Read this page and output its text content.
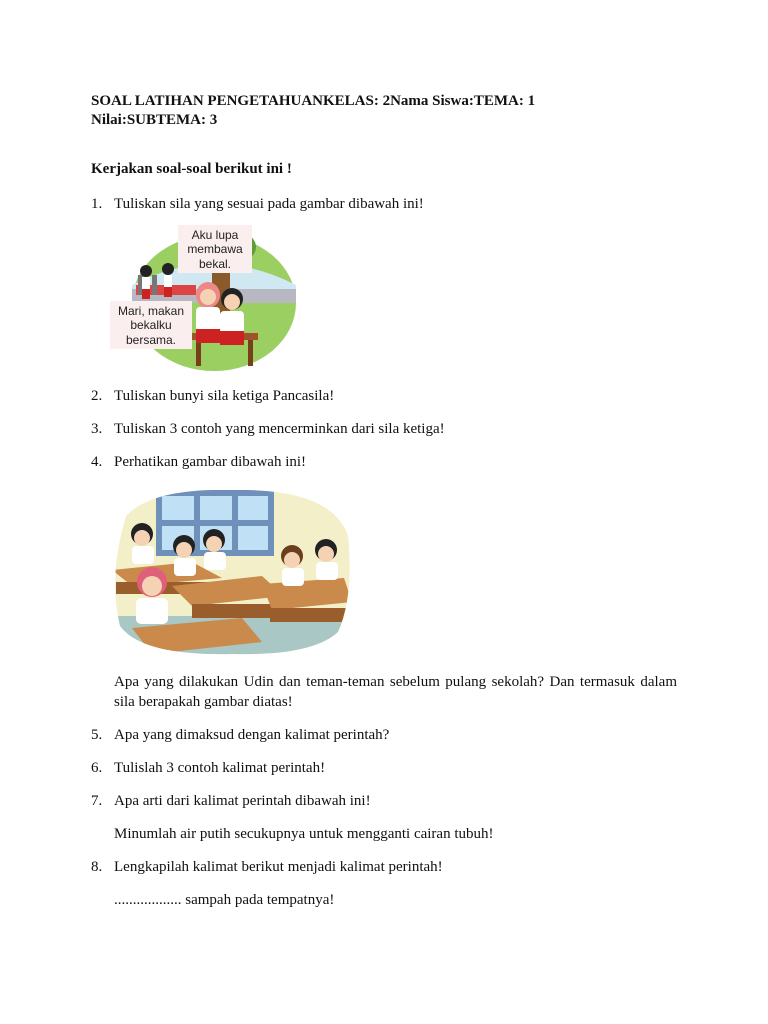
SOAL LATIHAN PENGETAHUANKELAS: 2Nama Siswa:TEMA: 1
Nilai:SUBTEMA: 3
Kerjakan soal-soal berikut ini !
1. Tuliskan sila yang sesuai pada gambar dibawah ini!
Aku lupa
membawa
bekal.
Mari, makan
bekalku
bersama.
2. Tuliskan bunyi sila ketiga Pancasila!
3. Tuliskan 3 contoh yang mencerminkan dari sila ketiga!
4. Perhatikan gambar dibawah ini!
Apa yang dilakukan Udin dan teman-teman sebelum pulang sekolah? Dan termasuk dalam sila berapakah gambar diatas!
5. Apa yang dimaksud dengan kalimat perintah?
6. Tulislah 3 contoh kalimat perintah!
7. Apa arti dari kalimat perintah dibawah ini!
Minumlah air putih secukupnya untuk mengganti cairan tubuh!
8. Lengkapilah kalimat berikut menjadi kalimat perintah!
.................. sampah pada tempatnya!
